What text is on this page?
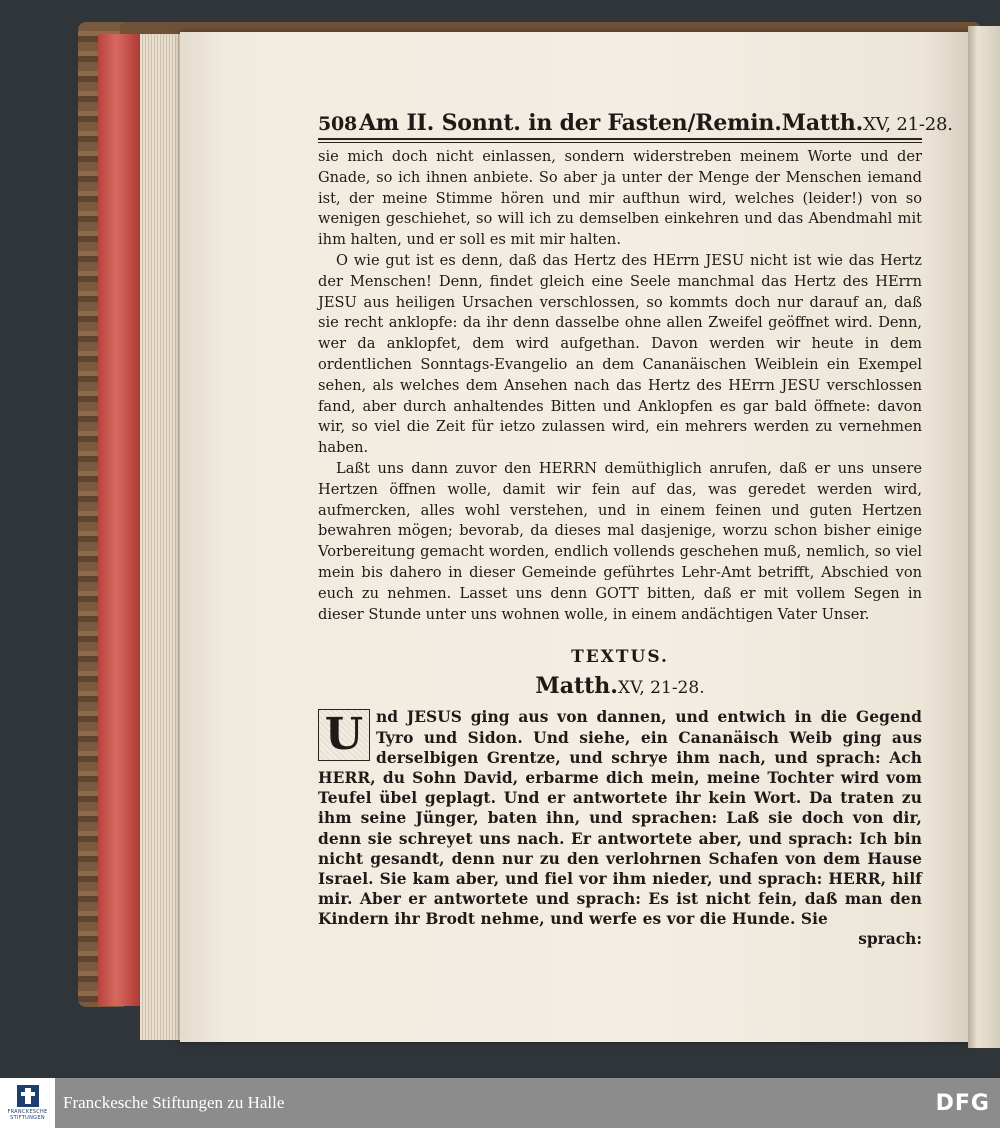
508 Am II. Sonnt. in der Fasten/Remin. Matth.XV, 21-28.

sie mich doch nicht einlassen, sondern widerstreben meinem Worte und der Gnade, so ich ihnen anbiete. So aber ja unter der Menge der Menschen iemand ist, der meine Stimme hören und mir aufthun wird, welches (leider!) von so wenigen geschiehet, so will ich zu demselben einkehren und das Abendmahl mit ihm halten, und er soll es mit mir halten.

O wie gut ist es denn, daß das Hertz des HErrn JESU nicht ist wie das Hertz der Menschen! Denn, findet gleich eine Seele manchmal das Hertz des HErrn JESU aus heiligen Ursachen verschlossen, so kommts doch nur darauf an, daß sie recht anklopfe: da ihr denn dasselbe ohne allen Zweifel geöffnet wird. Denn, wer da anklopfet, dem wird aufgethan. Davon werden wir heute in dem ordentlichen Sonntags-Evangelio an dem Cananäischen Weiblein ein Exempel sehen, als welches dem Ansehen nach das Hertz des HErrn JESU verschlossen fand, aber durch anhaltendes Bitten und Anklopfen es gar bald öffnete: davon wir, so viel die Zeit für ietzo zulassen wird, ein mehrers werden zu vernehmen haben.

Laßt uns dann zuvor den HERRN demüthiglich anrufen, daß er uns unsere Hertzen öffnen wolle, damit wir fein auf das, was geredet werden wird, aufmercken, alles wohl verstehen, und in einem feinen und guten Hertzen bewahren mögen; bevorab, da dieses mal dasjenige, worzu schon bisher einige Vorbereitung gemacht worden, endlich vollends geschehen muß, nemlich, so viel mein bis dahero in dieser Gemeinde geführtes Lehr-Amt betrifft, Abschied von euch zu nehmen. Lasset uns denn GOTT bitten, daß er mit vollem Segen in dieser Stunde unter uns wohnen wolle, in einem andächtigen Vater Unser.

TEXTUS.
Matth.XV, 21-28.
U nd JESUS ging aus von dannen, und entwich in die Gegend Tyro und Sidon. Und siehe, ein Cananäisch Weib ging aus derselbigen Grentze, und schrye ihm nach, und sprach: Ach HERR, du Sohn David, erbarme dich mein, meine Tochter wird vom Teufel übel geplagt. Und er antwortete ihr kein Wort. Da traten zu ihm seine Jünger, baten ihn, und sprachen: Laß sie doch von dir, denn sie schreyet uns nach. Er antwortete aber, und sprach: Ich bin nicht gesandt, denn nur zu den verlohrnen Schafen von dem Hause Israel. Sie kam aber, und fiel vor ihm nieder, und sprach: HERR, hilf mir. Aber er antwortete und sprach: Es ist nicht fein, daß man den Kindern ihr Brodt nehme, und werfe es vor die Hunde. Sie
sprach:
FRANCKESCHE STIFTUNGEN
Franckesche Stiftungen zu Halle	DFG
